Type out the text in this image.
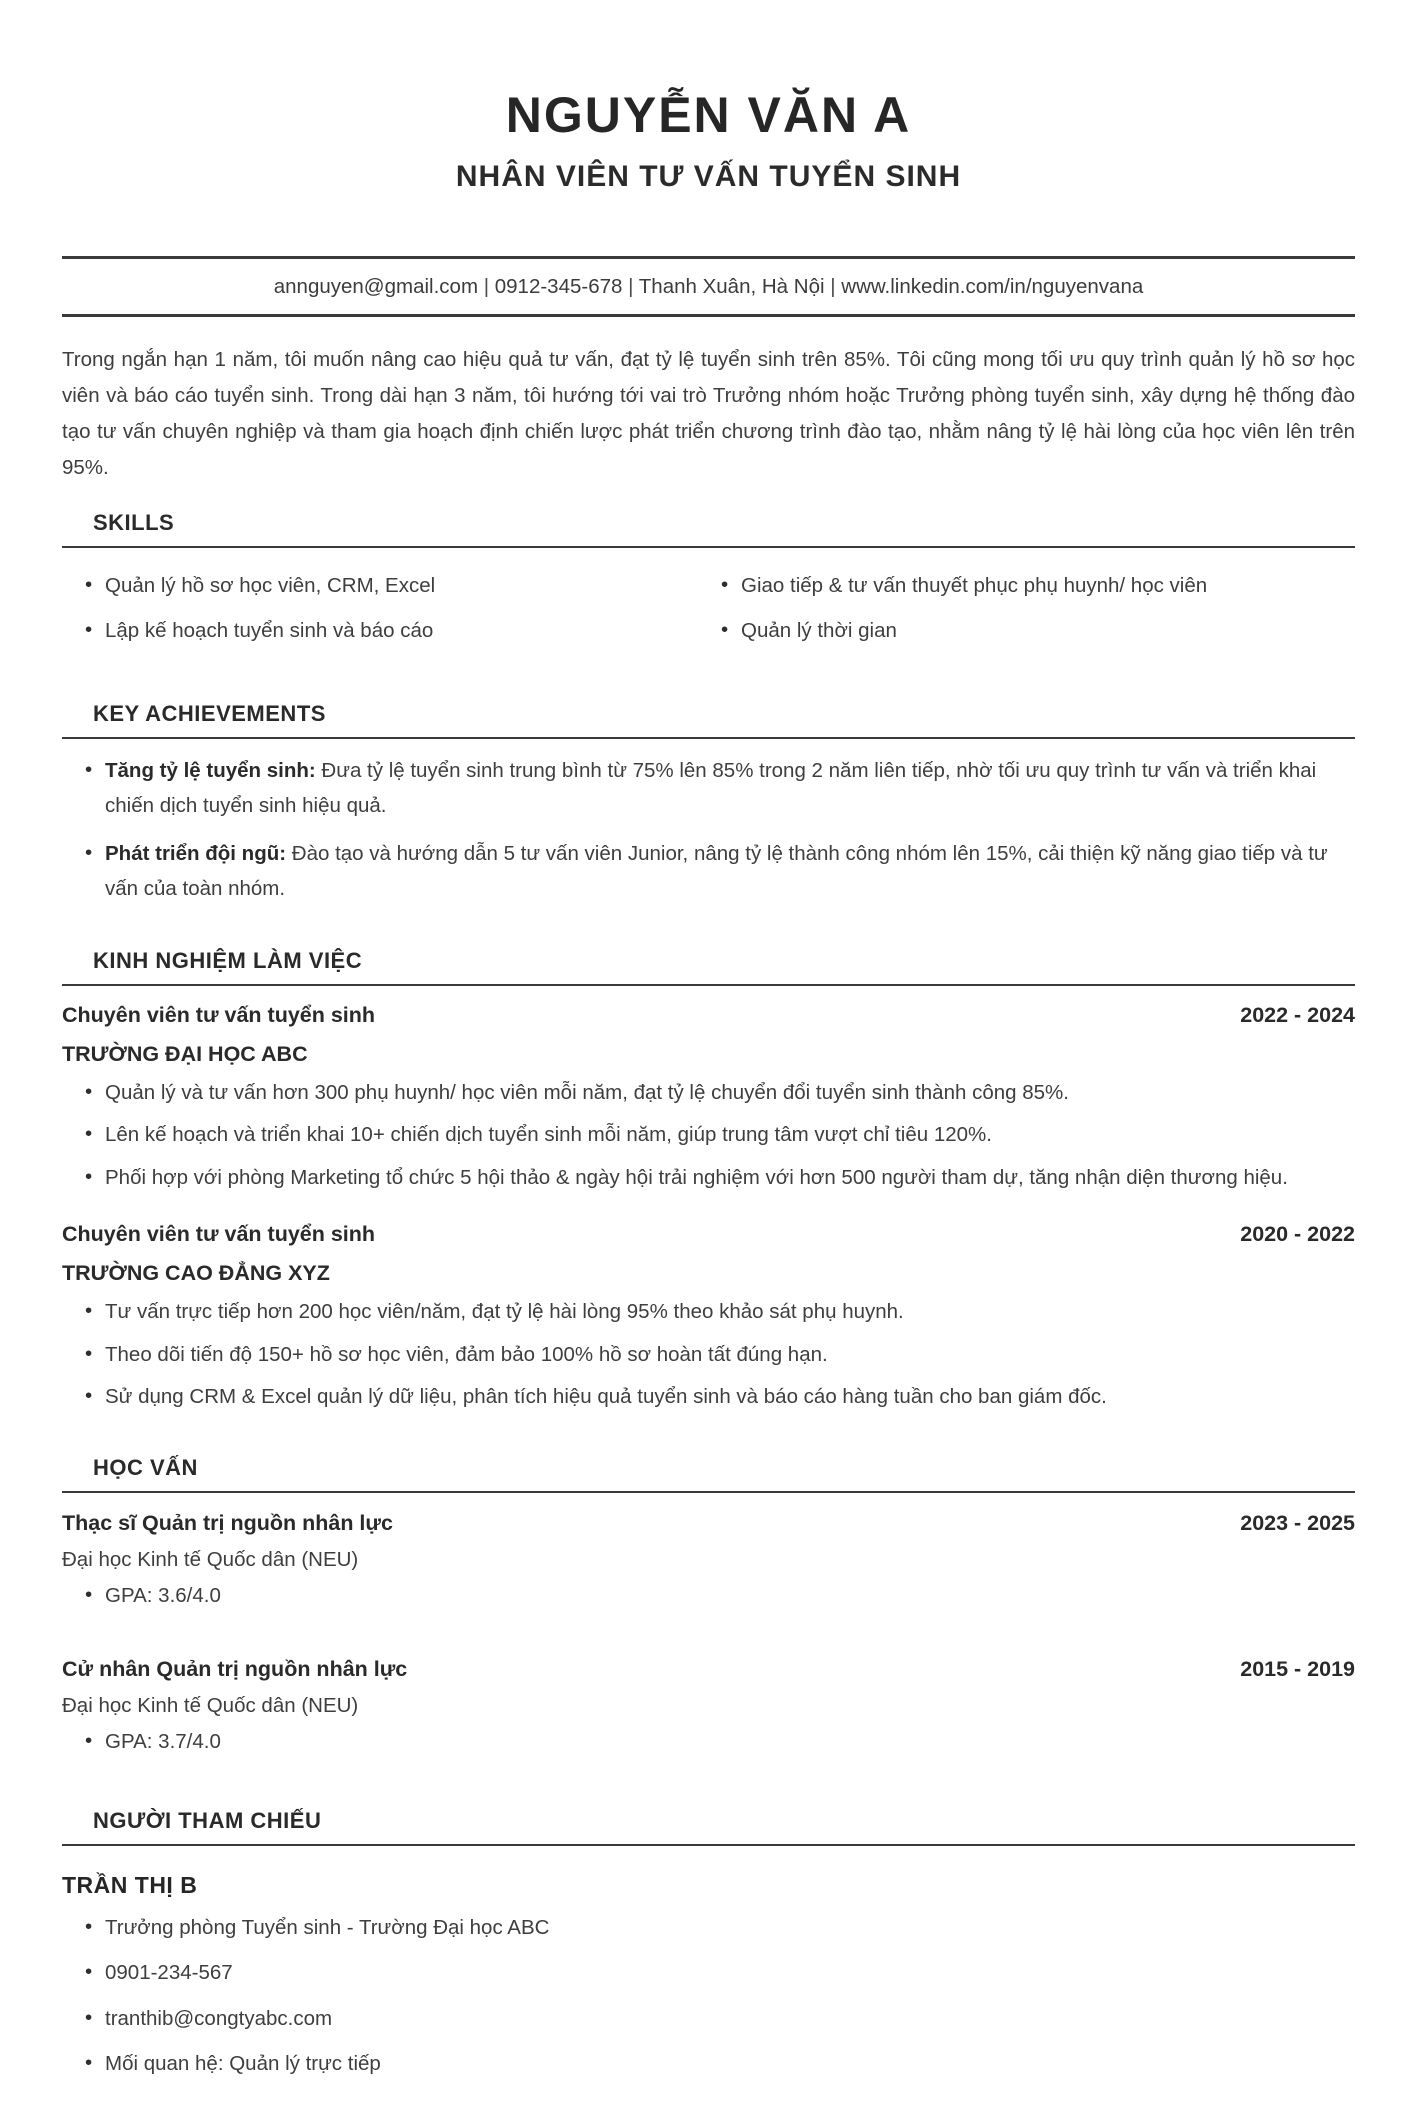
NGUYỄN VĂN A
NHÂN VIÊN TƯ VẤN TUYỂN SINH
annguyen@gmail.com | 0912-345-678 | Thanh Xuân, Hà Nội | www.linkedin.com/in/nguyenvana

Trong ngắn hạn 1 năm, tôi muốn nâng cao hiệu quả tư vấn, đạt tỷ lệ tuyển sinh trên 85%. Tôi cũng mong tối ưu quy trình quản lý hồ sơ học viên và báo cáo tuyển sinh. Trong dài hạn 3 năm, tôi hướng tới vai trò Trưởng nhóm hoặc Trưởng phòng tuyển sinh, xây dựng hệ thống đào tạo tư vấn chuyên nghiệp và tham gia hoạch định chiến lược phát triển chương trình đào tạo, nhằm nâng tỷ lệ hài lòng của học viên lên trên 95%.

SKILLS
• Quản lý hồ sơ học viên, CRM, Excel
• Lập kế hoạch tuyển sinh và báo cáo
• Giao tiếp & tư vấn thuyết phục phụ huynh/ học viên
• Quản lý thời gian
KEY ACHIEVEMENTS
• Tăng tỷ lệ tuyển sinh: Đưa tỷ lệ tuyển sinh trung bình từ 75% lên 85% trong 2 năm liên tiếp, nhờ tối ưu quy trình tư vấn và triển khai chiến dịch tuyển sinh hiệu quả.
• Phát triển đội ngũ: Đào tạo và hướng dẫn 5 tư vấn viên Junior, nâng tỷ lệ thành công nhóm lên 15%, cải thiện kỹ năng giao tiếp và tư vấn của toàn nhóm.
KINH NGHIỆM LÀM VIỆC
Chuyên viên tư vấn tuyển sinh	2022 - 2024
TRƯỜNG ĐẠI HỌC ABC
• Quản lý và tư vấn hơn 300 phụ huynh/ học viên mỗi năm, đạt tỷ lệ chuyển đổi tuyển sinh thành công 85%.
• Lên kế hoạch và triển khai 10+ chiến dịch tuyển sinh mỗi năm, giúp trung tâm vượt chỉ tiêu 120%.
• Phối hợp với phòng Marketing tổ chức 5 hội thảo & ngày hội trải nghiệm với hơn 500 người tham dự, tăng nhận diện thương hiệu.
Chuyên viên tư vấn tuyển sinh	2020 - 2022
TRƯỜNG CAO ĐẲNG XYZ
• Tư vấn trực tiếp hơn 200 học viên/năm, đạt tỷ lệ hài lòng 95% theo khảo sát phụ huynh.
• Theo dõi tiến độ 150+ hồ sơ học viên, đảm bảo 100% hồ sơ hoàn tất đúng hạn.
• Sử dụng CRM & Excel quản lý dữ liệu, phân tích hiệu quả tuyển sinh và báo cáo hàng tuần cho ban giám đốc.
HỌC VẤN
Thạc sĩ Quản trị nguồn nhân lực	2023 - 2025
Đại học Kinh tế Quốc dân (NEU)
• GPA: 3.6/4.0
Cử nhân Quản trị nguồn nhân lực	2015 - 2019
Đại học Kinh tế Quốc dân (NEU)
• GPA: 3.7/4.0
NGƯỜI THAM CHIẾU
TRẦN THỊ B
• Trưởng phòng Tuyển sinh - Trường Đại học ABC
• 0901-234-567
• tranthib@congtyabc.com
• Mối quan hệ: Quản lý trực tiếp
